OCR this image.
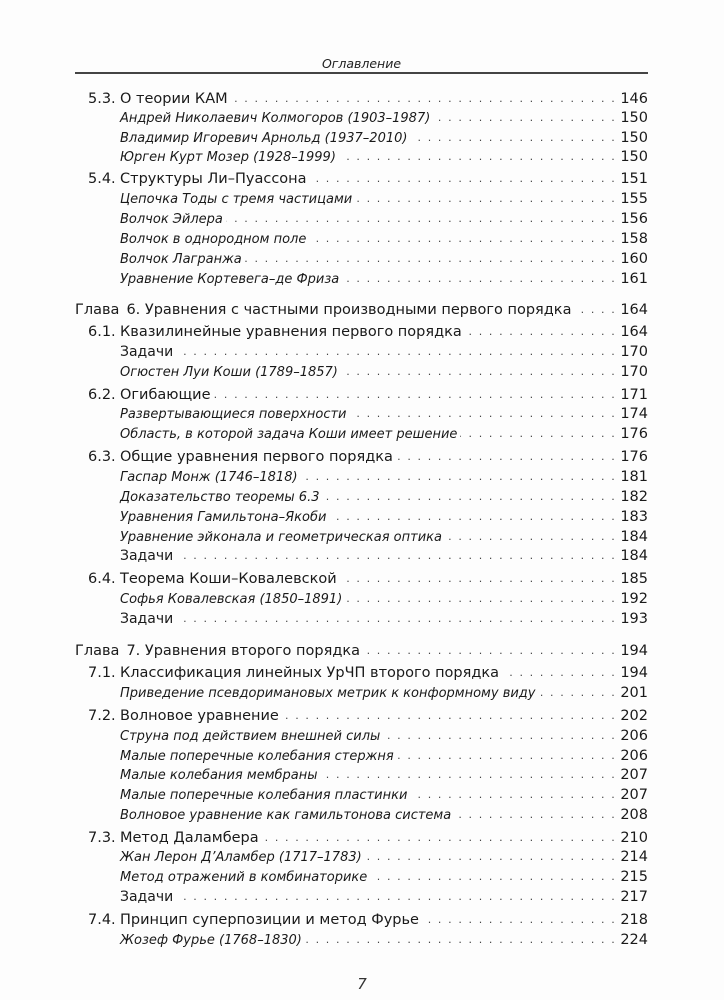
Оглавление
5.3. О теории КАМ . . .	146
Андрей Николаевич Колмогоров (1903–1987) . . .	150
Владимир Игоревич Арнольд (1937–2010) . . .	150
Юрген Курт Мозер (1928–1999) . . .	150
5.4. Структуры Ли–Пуассона . . .	151
Цепочка Тоды с тремя частицами . . .	155
Волчок Эйлера . . .	156
Волчок в однородном поле . . .	158
Волчок Лагранжа . . .	160
Уравнение Кортевега–де Фриза . . .	161
Глава 6. Уравнения с частными производными первого порядка . . .	164
6.1. Квазилинейные уравнения первого порядка . . .	164
Задачи . . .	170
Огюстен Луи Коши (1789–1857) . . .	170
6.2. Огибающие . . .	171
Развертывающиеся поверхности . . .	174
Область, в которой задача Коши имеет решение . . .	176
6.3. Общие уравнения первого порядка . . .	176
Гаспар Монж (1746–1818) . . .	181
Доказательство теоремы 6.3 . . .	182
Уравнения Гамильтона–Якоби . . .	183
Уравнение эйконала и геометрическая оптика . . .	184
Задачи . . .	184
6.4. Теорема Коши–Ковалевской . . .	185
Софья Ковалевская (1850–1891) . . .	192
Задачи . . .	193
Глава 7. Уравнения второго порядка . . .	194
7.1. Классификация линейных УрЧП второго порядка . . .	194
Приведение псевдоримановых метрик к конформному виду . . .	201
7.2. Волновое уравнение . . .	202
Струна под действием внешней силы . . .	206
Малые поперечные колебания стержня . . .	206
Малые колебания мембраны . . .	207
Малые поперечные колебания пластинки . . .	207
Волновое уравнение как гамильтонова система . . .	208
7.3. Метод Даламбера . . .	210
Жан Лерон Д’Аламбер (1717–1783) . . .	214
Метод отражений в комбинаторике . . .	215
Задачи . . .	217
7.4. Принцип суперпозиции и метод Фурье . . .	218
Жозеф Фурье (1768–1830) . . .	224
7
